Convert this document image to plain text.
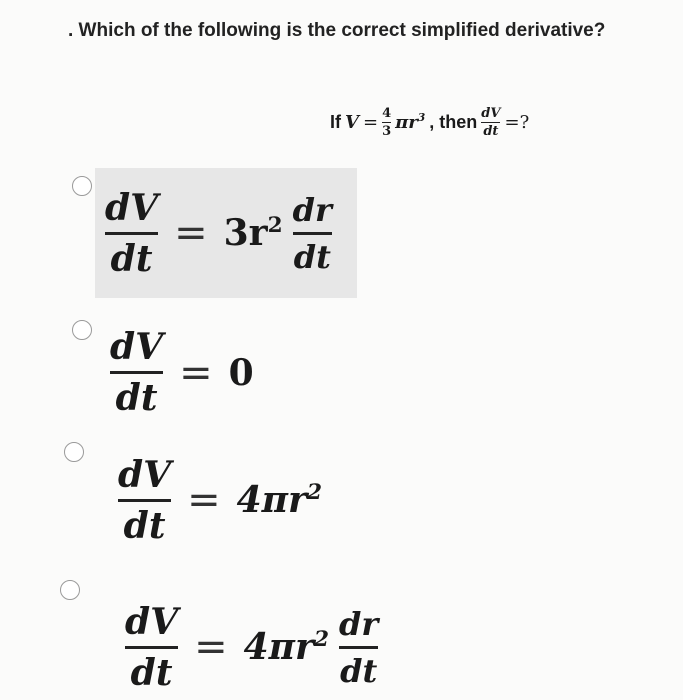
. Which of the following is the correct simplified derivative?
If $V = \frac{4}{3} \pi r^3$ , then $\frac{dV}{dt}$ =?
$\frac{dV}{dt} = 3r^2 \frac{dr}{dt}$
$\frac{dV}{dt} = 0$
$\frac{dV}{dt} = 4\pi r^2$
$\frac{dV}{dt} = 4\pi r^2 \frac{dr}{dt}$
